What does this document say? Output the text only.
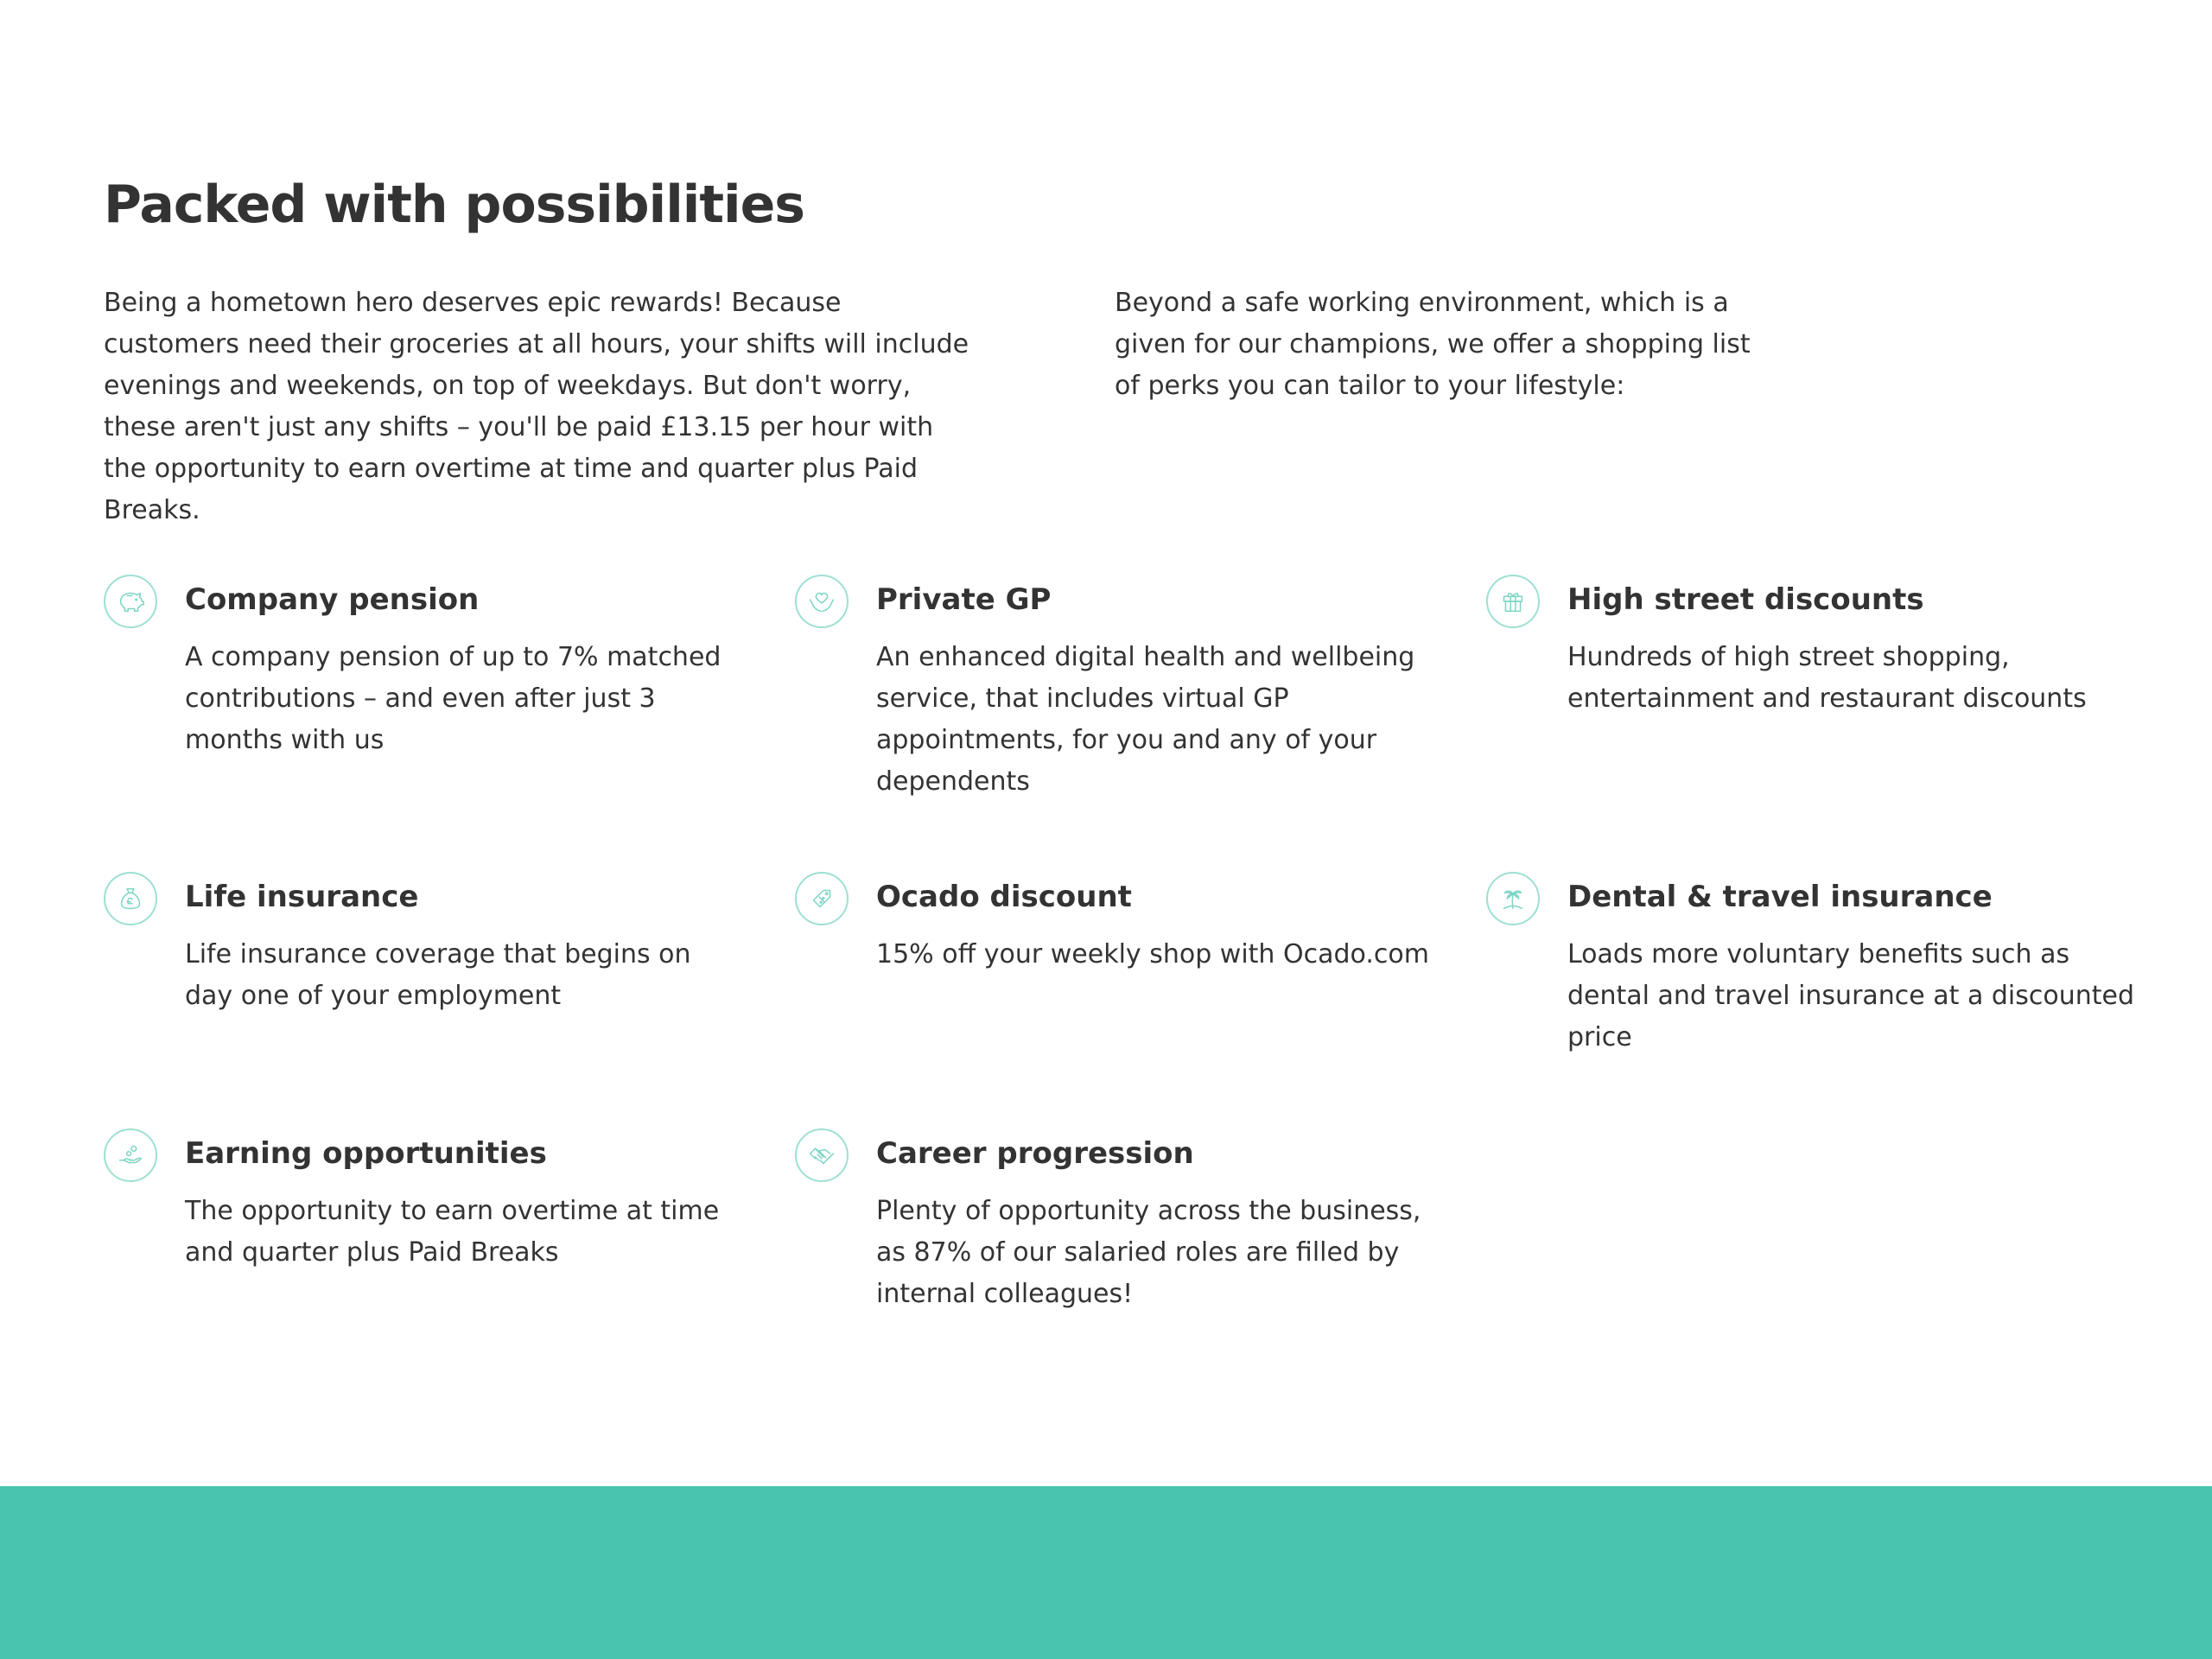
Packed with possibilities

Being a hometown hero deserves epic rewards! Because customers need their groceries at all hours, your shifts will include evenings and weekends, on top of weekdays. But don't worry, these aren't just any shifts – you'll be paid £13.15 per hour with the opportunity to earn overtime at time and quarter plus Paid Breaks.

Beyond a safe working environment, which is a given for our champions, we offer a shopping list of perks you can tailor to your lifestyle:

Company pension

A company pension of up to 7% matched contributions – and even after just 3 months with us

Private GP

An enhanced digital health and wellbeing service, that includes virtual GP appointments, for you and any of your dependents

High street discounts

Hundreds of high street shopping, entertainment and restaurant discounts

Life insurance

Life insurance coverage that begins on day one of your employment

Ocado discount

15% off your weekly shop with Ocado.com

Dental & travel insurance

Loads more voluntary benefits such as dental and travel insurance at a discounted price

Earning opportunities

The opportunity to earn overtime at time and quarter plus Paid Breaks

Career progression

Plenty of opportunity across the business, as 87% of our salaried roles are filled by internal colleagues!
